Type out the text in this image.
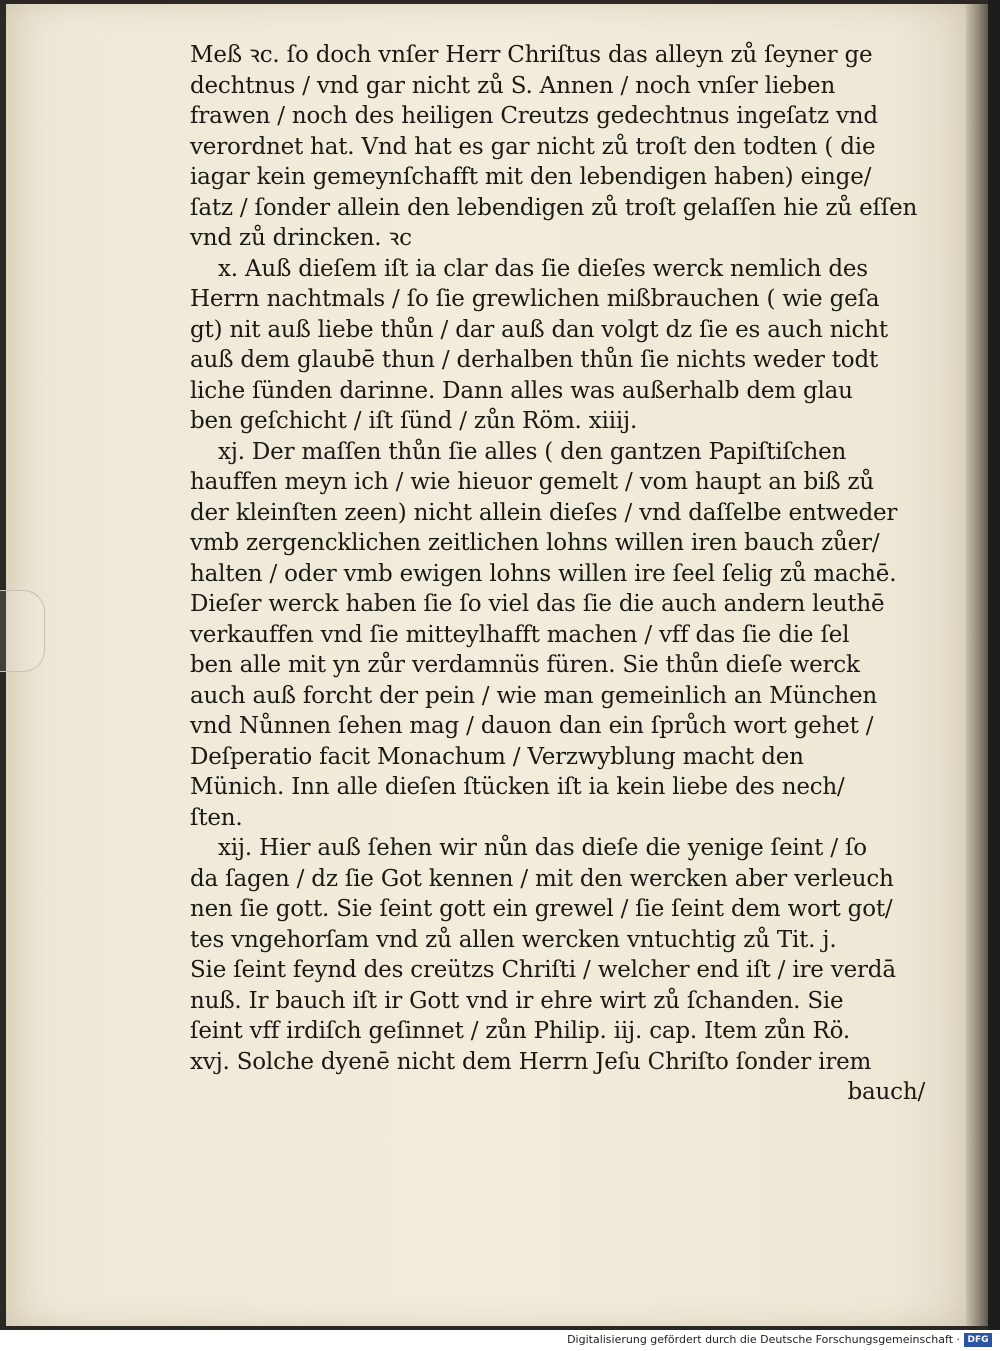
Meß ꝛc. ſo doch vnſer Herr Chriſtus das alleyn zů ſeyner ge
dechtnus / vnd gar nicht zů S. Annen / noch vnſer lieben
frawen / noch des heiligen Creutzs gedechtnus ingeſatz vnd
verordnet hat. Vnd hat es gar nicht zů troſt den todten ( die
iagar kein gemeynſchafft mit den lebendigen haben) einge/
ſatz / ſonder allein den lebendigen zů troſt gelaſſen hie zů eſſen
vnd zů drincken. ꝛc
x. Auß dieſem iſt ia clar das ſie dieſes werck nemlich des
Herrn nachtmals / ſo ſie grewlichen mißbrauchen ( wie geſa
gt) nit auß liebe thůn / dar auß dan volgt dz ſie es auch nicht
auß dem glaubē thun / derhalben thůn ſie nichts weder todt
liche ſünden darinne. Dann alles was außerhalb dem glau
ben geſchicht / iſt ſünd / zůn Röm. xiiij.
xj. Der maſſen thůn ſie alles ( den gantzen Papiſtiſchen
hauffen meyn ich / wie hieuor gemelt / vom haupt an biß zů
der kleinſten zeen) nicht allein dieſes / vnd daſſelbe entweder
vmb zergencklichen zeitlichen lohns willen iren bauch zůer/
halten / oder vmb ewigen lohns willen ire ſeel ſelig zů machē.
Dieſer werck haben ſie ſo viel das ſie die auch andern leuthē
verkauffen vnd ſie mitteylhafft machen / vff das ſie die ſel
ben alle mit yn zůr verdamnüs füren. Sie thůn dieſe werck
auch auß forcht der pein / wie man gemeinlich an München
vnd Nůnnen ſehen mag / dauon dan ein ſprůch wort gehet /
Deſperatio facit Monachum / Verzwyblung macht den
Münich. Inn alle dieſen ſtücken iſt ia kein liebe des nech/
ſten.
xij. Hier auß ſehen wir nůn das dieſe die yenige ſeint / ſo
da ſagen / dz ſie Got kennen / mit den wercken aber verleuch
nen ſie gott. Sie ſeint gott ein grewel / ſie ſeint dem wort got/
tes vngehorſam vnd zů allen wercken vntuchtig zů Tit. j.
Sie ſeint feynd des creützs Chriſti / welcher end iſt / ire verdā
nuß. Ir bauch iſt ir Gott vnd ir ehre wirt zů ſchanden. Sie
ſeint vff irdiſch geſinnet / zůn Philip. iij. cap. Item zůn Rö.
xvj. Solche dyenē nicht dem Herrn Jeſu Chriſto ſonder irem
bauch/
Digitalisierung gefördert durch die Deutsche Forschungsgemeinschaft · DFG
